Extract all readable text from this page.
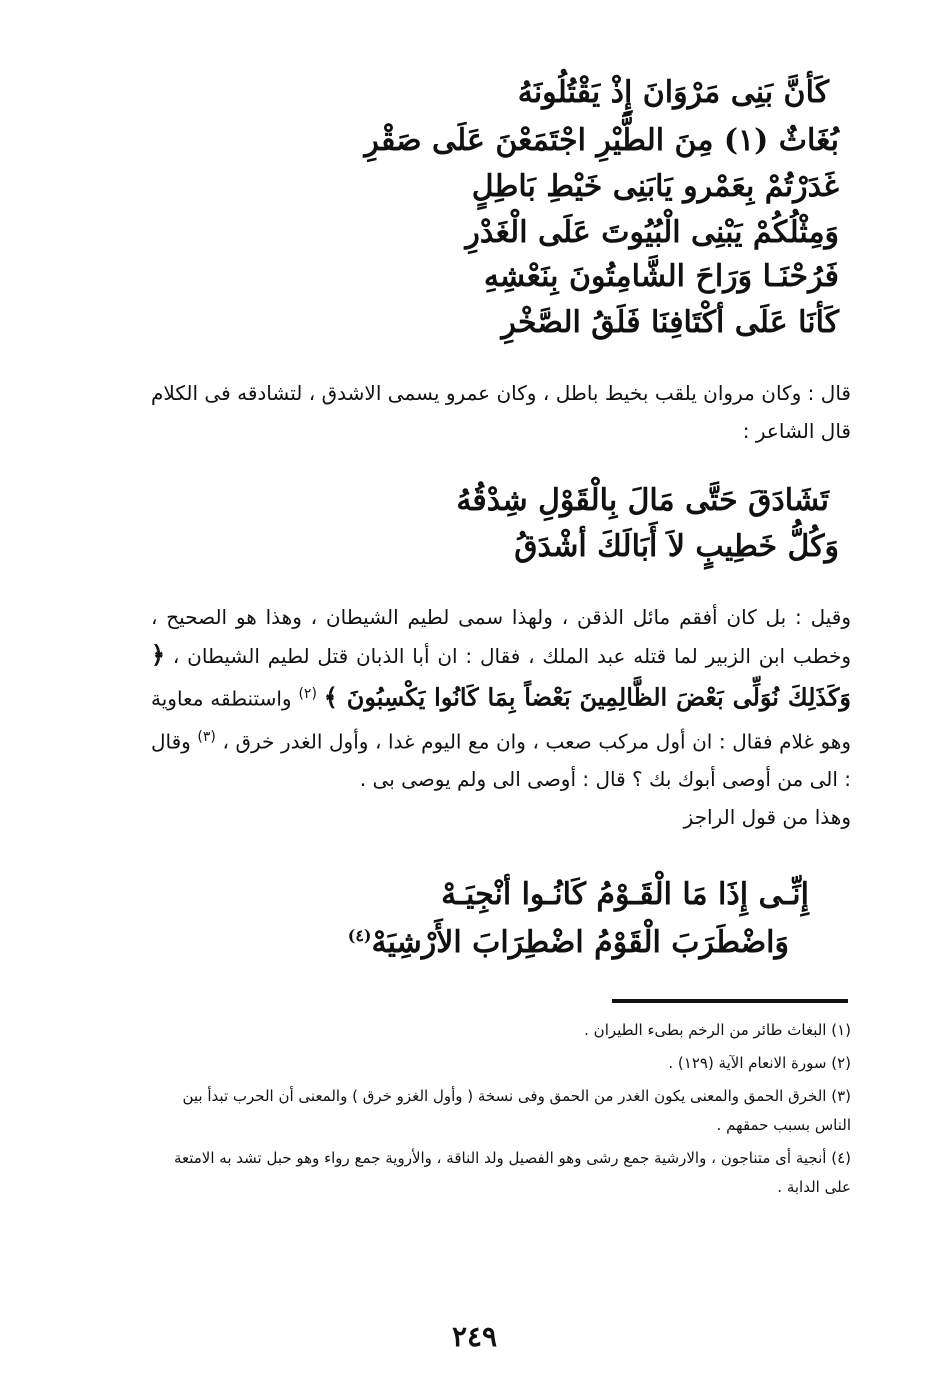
كَأنَّ بَنِى مَرْوَانَ إِذْ يَقْتُلُونَهُ
بُغَاثٌ (١) مِنَ الطَّيْرِ اجْتَمَعْنَ عَلَى صَقْرِ
غَدَرْتُمْ بِعَمْرو يَابَنِى خَيْطِ بَاطِلٍ
وَمِثْلُكُمْ يَبْنِى الْبُيُوتَ عَلَى الْغَدْرِ
فَرُحْنَـا وَرَاحَ الشَّامِتُونَ بِنَعْشِهِ
كَأنَا عَلَى أكْتَافِنَا فَلَقُ الصَّخْرِ

قال : وكان مروان يلقب بخيط باطل ، وكان عمرو يسمى الاشدق ، لتشادقه فى الكلام قال الشاعر :

تَشَادَقَ حَتَّى مَالَ بِالْقَوْلِ شِدْقُهُ
وَكُلُّ خَطِيبٍ لاَ أَبَالَكَ أشْدَقُ

وقيل : بل كان أفقم مائل الذقن ، ولهذا سمى لطيم الشيطان ، وهذا هو الصحيح ، وخطب ابن الزبير لما قتله عبد الملك ، فقال : ان أبا الذبان قتل لطيم الشيطان ، ﴿ وَكَذَلِكَ نُوَلِّى بَعْضَ الظَّالِمِينَ بَعْضاً بِمَا كَانُوا يَكْسِبُونَ ﴾ $^{(٢)}$ واستنطقه معاوية وهو غلام فقال : ان أول مركب صعب ، وان مع اليوم غدا ، وأول الغدر خرق ، $^{(٣)}$ وقال : الى من أوصى أبوك بك ؟ قال : أوصى الى ولم يوصى بى .

وهذا من قول الراجز

إِنِّـى إِذَا مَا الْقَـوْمُ كَانُـوا أنْجِيَـهْ
وَاضْطَرَبَ الْقَوْمُ اضْطِرَابَ الأَرْشِيَهْ$^{(٤)}$

(١) البغاث طائر من الرخم بطىء الطيران .

(٢) سورة الانعام الآية (١٢٩) .

(٣) الخرق الحمق والمعنى يكون الغدر من الحمق وفى نسخة ( وأول الغزو خرق ) والمعنى أن الحرب تبدأ بين الناس بسبب حمقهم .

(٤) أنجية أى متناجون ، والارشية جمع رشى وهو الفصيل ولد الناقة ، والأروية جمع رواء وهو حبل تشد به الامتعة على الدابة .

٢٤٩
